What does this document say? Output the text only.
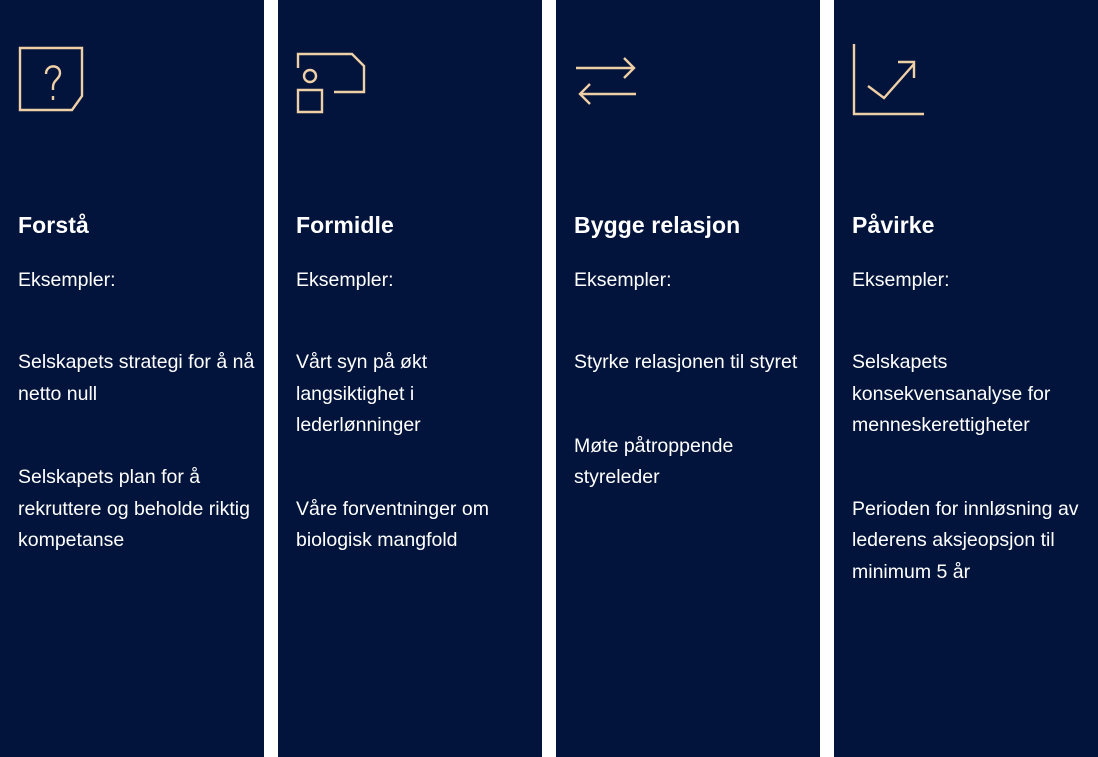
Forstå
Eksempler:
Selskapets strategi for å nå netto null
Selskapets plan for å rekruttere og beholde riktig kompetanse
Formidle
Eksempler:
Vårt syn på økt langsiktighet i lederlønninger
Våre forventninger om biologisk mangfold
Bygge relasjon
Eksempler:
Styrke relasjonen til styret
Møte påtroppende styreleder
Påvirke
Eksempler:
Selskapets konsekvensanalyse for menneskerettigheter
Perioden for innløsning av lederens aksjeopsjon til minimum 5 år
